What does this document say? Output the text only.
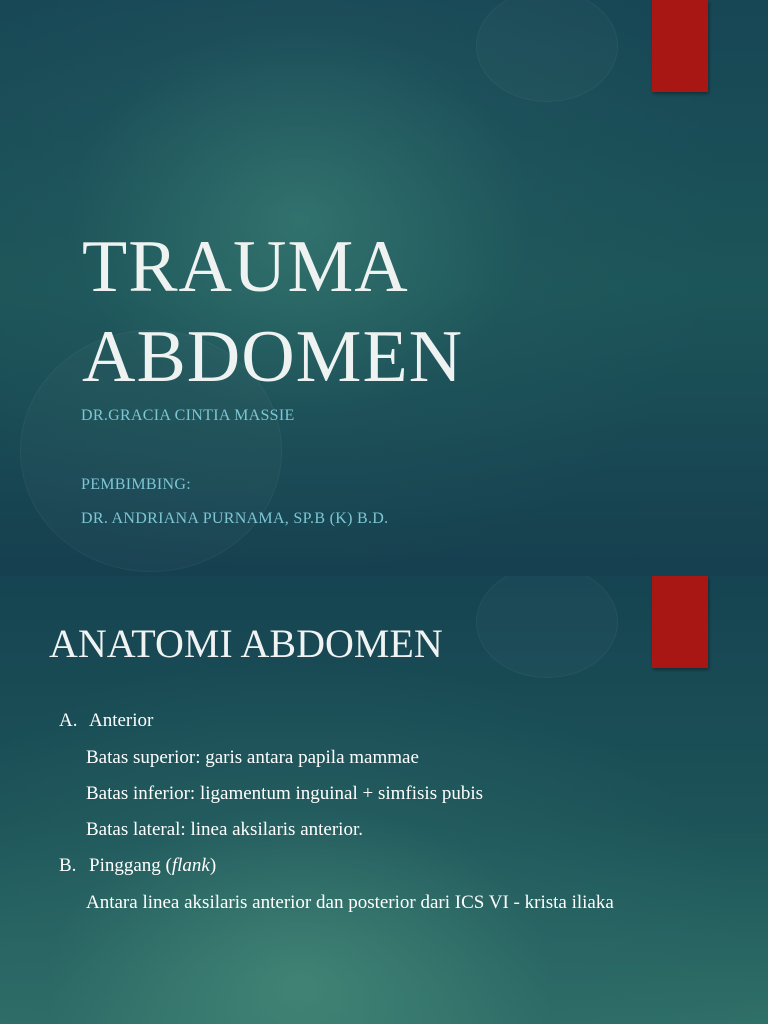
TRAUMA
ABDOMEN
DR.GRACIA CINTIA MASSIE
PEMBIMBING:
DR. ANDRIANA PURNAMA, SP.B (K) B.D.
ANATOMI ABDOMEN
A. Anterior
Batas superior: garis antara papila mammae
Batas inferior: ligamentum inguinal + simfisis pubis
Batas lateral: linea aksilaris anterior.
B. Pinggang (flank)
Antara linea aksilaris anterior dan posterior dari ICS VI - krista iliaka
